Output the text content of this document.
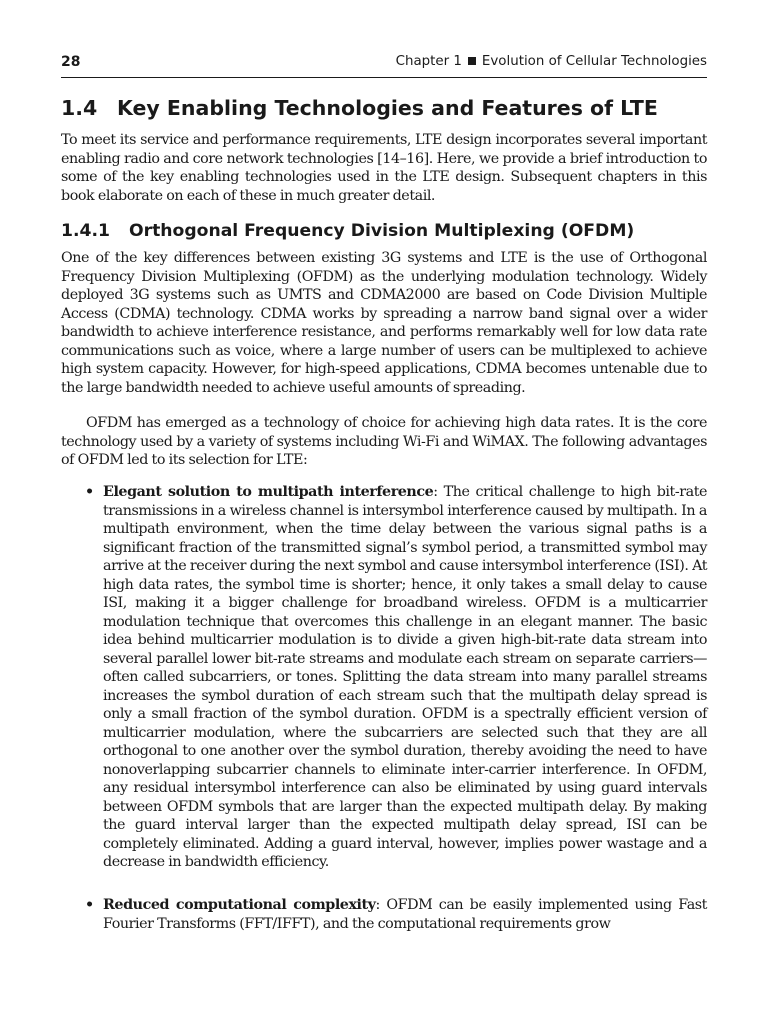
28	Chapter 1 Evolution of Cellular Technologies
1.4 Key Enabling Technologies and Features of LTE

To meet its service and performance requirements, LTE design incorporates several important enabling radio and core network technologies [14–16]. Here, we provide a brief introduction to some of the key enabling technologies used in the LTE design. Subsequent chapters in this book elaborate on each of these in much greater detail.

1.4.1 Orthogonal Frequency Division Multiplexing (OFDM)

One of the key differences between existing 3G systems and LTE is the use of Orthogonal Frequency Division Multiplexing (OFDM) as the underlying modulation technology. Widely deployed 3G systems such as UMTS and CDMA2000 are based on Code Division Multiple Access (CDMA) technology. CDMA works by spreading a narrow band signal over a wider bandwidth to achieve interference resistance, and performs remarkably well for low data rate communications such as voice, where a large number of users can be multiplexed to achieve high system capacity. However, for high-speed applications, CDMA becomes untenable due to the large bandwidth needed to achieve useful amounts of spreading.

OFDM has emerged as a technology of choice for achieving high data rates. It is the core technology used by a variety of systems including Wi-Fi and WiMAX. The following advantages of OFDM led to its selection for LTE:

• Elegant solution to multipath interference: The critical challenge to high bit-rate transmissions in a wireless channel is intersymbol interference caused by multipath. In a multipath environment, when the time delay between the various signal paths is a significant fraction of the transmitted signal’s symbol period, a transmitted symbol may arrive at the receiver during the next symbol and cause intersymbol interference (ISI). At high data rates, the symbol time is shorter; hence, it only takes a small delay to cause ISI, making it a bigger challenge for broadband wireless. OFDM is a multicarrier modulation technique that overcomes this challenge in an elegant manner. The basic idea behind multicarrier modulation is to divide a given high-bit-rate data stream into several parallel lower bit-rate streams and modulate each stream on separate carriers—often called subcarriers, or tones. Splitting the data stream into many parallel streams increases the symbol duration of each stream such that the multipath delay spread is only a small fraction of the symbol duration. OFDM is a spectrally efficient version of multicarrier modulation, where the subcarriers are selected such that they are all orthogonal to one another over the symbol duration, thereby avoiding the need to have nonoverlapping subcarrier channels to eliminate inter-carrier interference. In OFDM, any residual intersymbol interference can also be eliminated by using guard intervals between OFDM symbols that are larger than the expected multipath delay. By making the guard interval larger than the expected multipath delay spread, ISI can be completely eliminated. Adding a guard interval, however, implies power wastage and a decrease in bandwidth efficiency.
• Reduced computational complexity: OFDM can be easily implemented using Fast Fourier Transforms (FFT/IFFT), and the computational requirements grow
